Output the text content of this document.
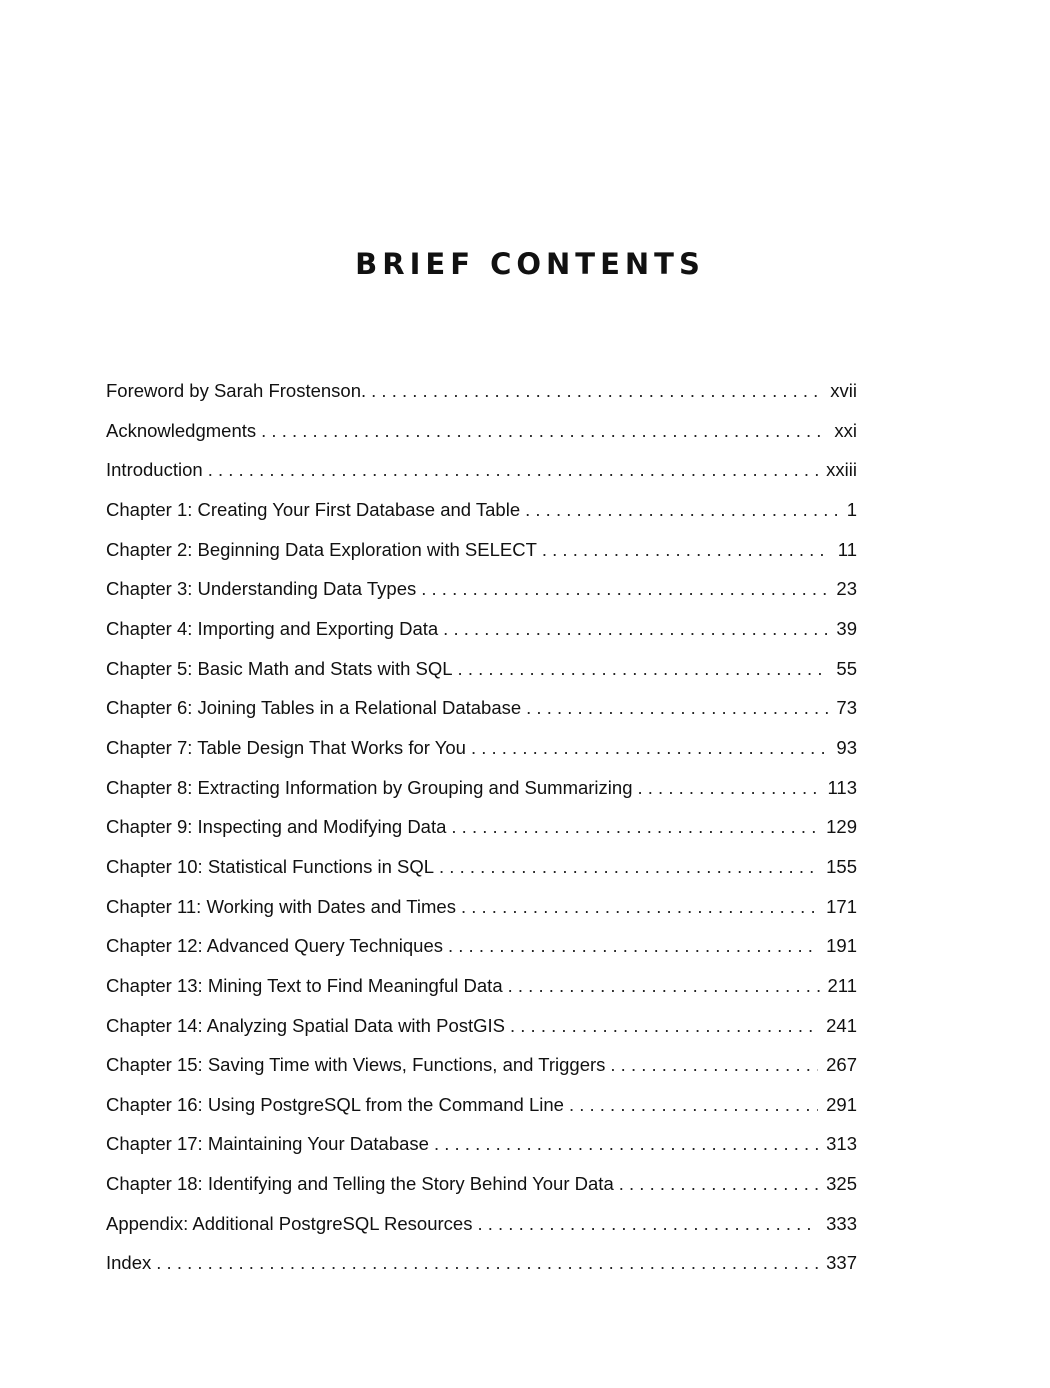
BRIEF CONTENTS
Foreword by Sarah Frostenson. . . .	xvii
Acknowledgments . . .	xxi
Introduction . . .	xxiii
Chapter 1: Creating Your First Database and Table . . .	1
Chapter 2: Beginning Data Exploration with SELECT . . .	11
Chapter 3: Understanding Data Types . . .	23
Chapter 4: Importing and Exporting Data . . .	39
Chapter 5: Basic Math and Stats with SQL . . .	55
Chapter 6: Joining Tables in a Relational Database . . .	73
Chapter 7: Table Design That Works for You . . .	93
Chapter 8: Extracting Information by Grouping and Summarizing . . .	113
Chapter 9: Inspecting and Modifying Data . . .	129
Chapter 10: Statistical Functions in SQL . . .	155
Chapter 11: Working with Dates and Times . . .	171
Chapter 12: Advanced Query Techniques . . .	191
Chapter 13: Mining Text to Find Meaningful Data . . .	211
Chapter 14: Analyzing Spatial Data with PostGIS . . .	241
Chapter 15: Saving Time with Views, Functions, and Triggers . . .	267
Chapter 16: Using PostgreSQL from the Command Line . . .	291
Chapter 17: Maintaining Your Database . . .	313
Chapter 18: Identifying and Telling the Story Behind Your Data . . .	325
Appendix: Additional PostgreSQL Resources . . .	333
Index . . .	337
